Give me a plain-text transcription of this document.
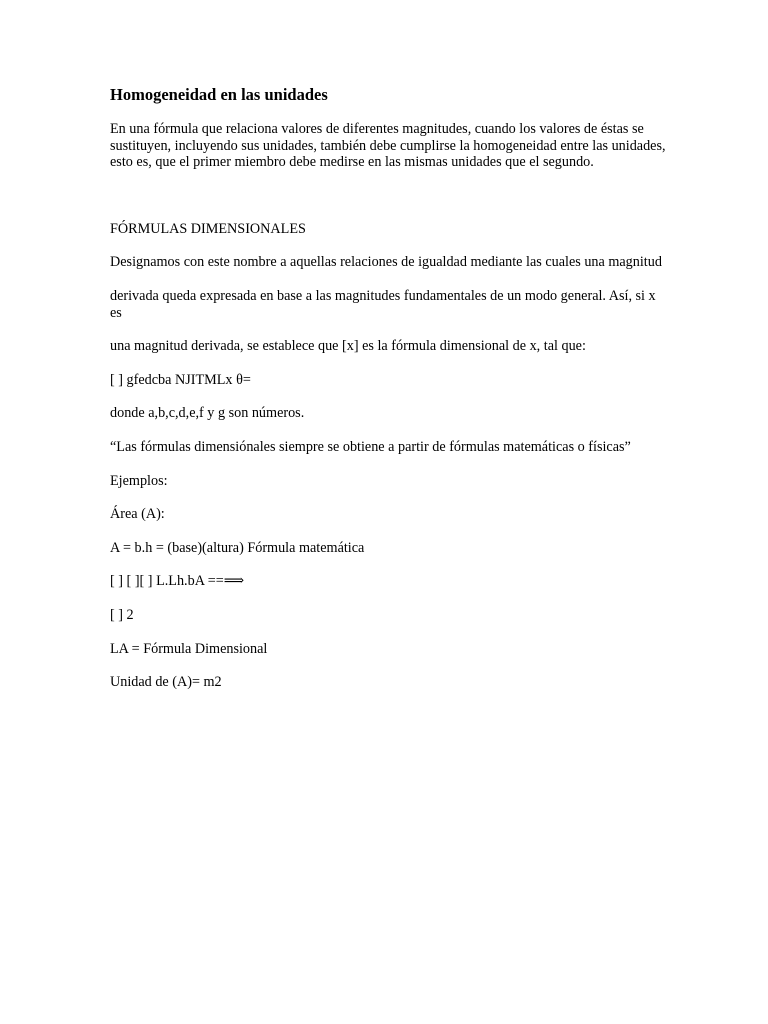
Homogeneidad en las unidades
En una fórmula que relaciona valores de diferentes magnitudes, cuando los valores de éstas se sustituyen, incluyendo sus unidades, también debe cumplirse la homogeneidad entre las unidades, esto es, que el primer miembro debe medirse en las mismas unidades que el segundo.
FÓRMULAS DIMENSIONALES
Designamos con este nombre a aquellas relaciones de igualdad mediante las cuales una magnitud
derivada queda expresada en base a las magnitudes fundamentales de un modo general. Así, si x es
una magnitud derivada, se establece que [x] es la fórmula dimensional de x, tal que:
[ ] gfedcba NJITMLx θ=
donde a,b,c,d,e,f y g son números.
“Las fórmulas dimensiónales siempre se obtiene a partir de fórmulas matemáticas o físicas”
Ejemplos:
Área (A):
A = b.h = (base)(altura) Fórmula matemática
[ ] [ ][ ] L.Lh.bA ==⟹
[ ] 2
LA = Fórmula Dimensional
Unidad de (A)= m2
